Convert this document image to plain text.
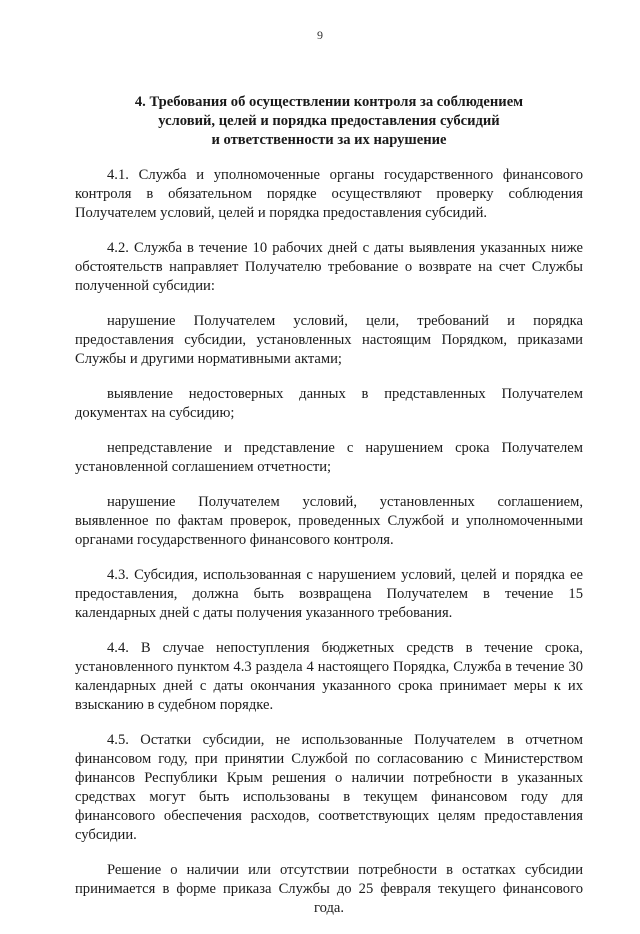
9
4. Требования об осуществлении контроля за соблюдением
условий, целей и порядка предоставления субсидий
и ответственности за их нарушение

4.1. Служба и уполномоченные органы государственного финансового контроля в обязательном порядке осуществляют проверку соблюдения Получателем условий, целей и порядка предоставления субсидий.

4.2. Служба в течение 10 рабочих дней с даты выявления указанных ниже обстоятельств направляет Получателю требование о возврате на счет Службы полученной субсидии:

нарушение Получателем условий, цели, требований и порядка предоставления субсидии, установленных настоящим Порядком, приказами Службы и другими нормативными актами;

выявление недостоверных данных в представленных Получателем документах на субсидию;

непредставление и представление с нарушением срока Получателем установленной соглашением отчетности;

нарушение Получателем условий, установленных соглашением, выявленное по фактам проверок, проведенных Службой и уполномоченными органами государственного финансового контроля.

4.3. Субсидия, использованная с нарушением условий, целей и порядка ее предоставления, должна быть возвращена Получателем в течение 15 календарных дней с даты получения указанного требования.

4.4. В случае непоступления бюджетных средств в течение срока, установленного пунктом 4.3 раздела 4 настоящего Порядка, Служба в течение 30 календарных дней с даты окончания указанного срока принимает меры к их взысканию в судебном порядке.

4.5. Остатки субсидии, не использованные Получателем в отчетном финансовом году, при принятии Службой по согласованию с Министерством финансов Республики Крым решения о наличии потребности в указанных средствах могут быть использованы в текущем финансовом году для финансового обеспечения расходов, соответствующих целям предоставления субсидии.

Решение о наличии или отсутствии потребности в остатках субсидии принимается в форме приказа Службы до 25 февраля текущего финансового года.
